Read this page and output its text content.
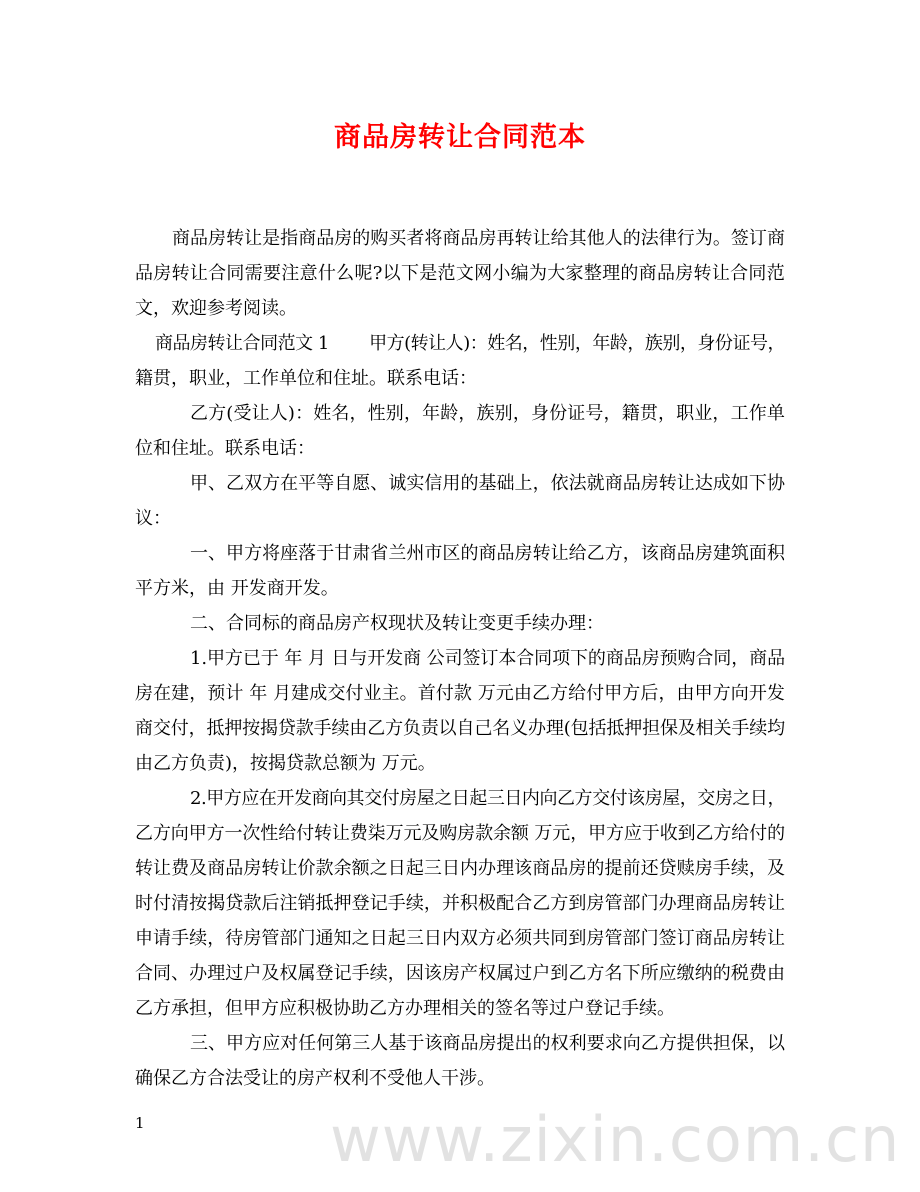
商品房转让合同范本
商品房转让是指商品房的购买者将商品房再转让给其他人的法律行为。签订商
品房转让合同需要注意什么呢?以下是范文网小编为大家整理的商品房转让合同范
文，欢迎参考阅读。
商品房转让合同范文 1　　 甲方(转让人)：姓名，性别，年龄，族别，身份证号，
籍贯，职业，工作单位和住址。联系电话：
乙方(受让人)：姓名，性别，年龄，族别，身份证号，籍贯，职业，工作单
位和住址。联系电话：
甲、乙双方在平等自愿、诚实信用的基础上，依法就商品房转让达成如下协
议：
一、甲方将座落于甘肃省兰州市区的商品房转让给乙方，该商品房建筑面积
平方米，由 开发商开发。
二、合同标的商品房产权现状及转让变更手续办理：
1.甲方已于 年 月 日与开发商 公司签订本合同项下的商品房预购合同，商品
房在建，预计 年 月建成交付业主。首付款 万元由乙方给付甲方后，由甲方向开发
商交付，抵押按揭贷款手续由乙方负责以自己名义办理(包括抵押担保及相关手续均
由乙方负责)，按揭贷款总额为 万元。
2.甲方应在开发商向其交付房屋之日起三日内向乙方交付该房屋，交房之日，
乙方向甲方一次性给付转让费柒万元及购房款余额 万元，甲方应于收到乙方给付的
转让费及商品房转让价款余额之日起三日内办理该商品房的提前还贷赎房手续，及
时付清按揭贷款后注销抵押登记手续，并积极配合乙方到房管部门办理商品房转让
申请手续，待房管部门通知之日起三日内双方必须共同到房管部门签订商品房转让
合同、办理过户及权属登记手续，因该房产权属过户到乙方名下所应缴纳的税费由
乙方承担，但甲方应积极协助乙方办理相关的签名等过户登记手续。
三、甲方应对任何第三人基于该商品房提出的权利要求向乙方提供担保，以
确保乙方合法受让的房产权利不受他人干涉。
1	www.zixin.com.cn
